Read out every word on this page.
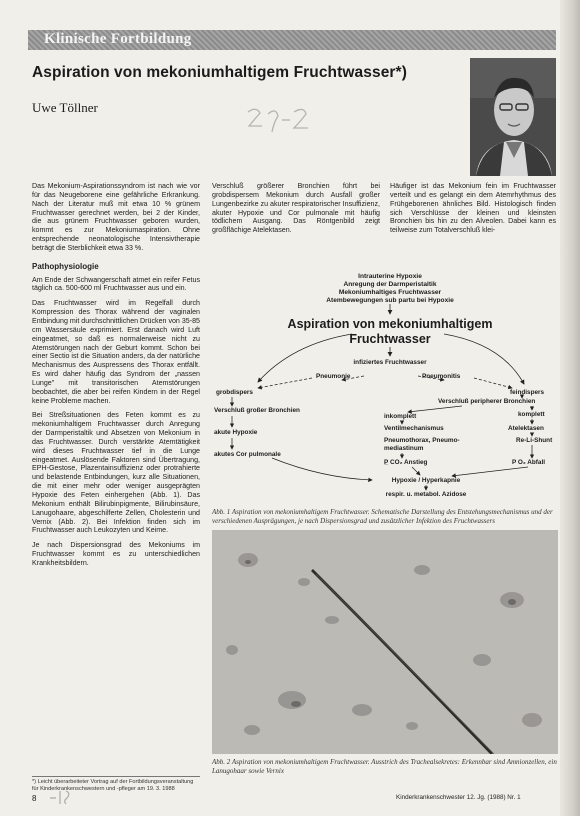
Klinische Fortbildung
Aspiration von mekoniumhaltigem Fruchtwasser*)
Uwe Töllner

Das Mekonium-Aspirationssyndrom ist nach wie vor für das Neugeborene eine gefährliche Erkrankung. Nach der Literatur muß mit etwa 10 % grünem Fruchtwasser gerechnet werden, bei 2 der Kinder, die aus grünem Fruchtwasser geboren wurden, kommt es zur Mekoniumaspiration. Ohne entsprechende neonatologische Intensivtherapie beträgt die Sterblichkeit etwa 33 %.

Pathophysiologie

Am Ende der Schwangerschaft atmet ein reifer Fetus täglich ca. 500-600 ml Fruchtwasser aus und ein.

Das Fruchtwasser wird im Regelfall durch Kompression des Thorax während der vaginalen Entbindung mit durchschnittlichen Drücken von 35-85 cm Wassersäule exprimiert. Erst danach wird Luft eingeatmet, so daß es normalerweise nicht zu Atemstörungen nach der Geburt kommt. Schon bei einer Sectio ist die Situation anders, da der natürliche Mechanismus des Auspressens des Thorax entfällt. Es wird daher häufig das Syndrom der „nassen Lunge" mit transitorischen Atemstörungen beobachtet, die aber bei reifen Kindern in der Regel keine Probleme machen.

Bei Streßsituationen des Feten kommt es zu mekoniumhaltigem Fruchtwasser durch Anregung der Darmperistaltik und Absetzen von Mekonium in das Fruchtwasser. Durch verstärkte Atemtätigkeit wird dieses Fruchtwasser tief in die Lunge eingeatmet. Auslösende Faktoren sind Übertragung, EPH-Gestose, Plazentainsuffizienz oder protrahierte und belastende Entbindungen, kurz alle Situationen, die mit einer mehr oder weniger ausgeprägten Hypoxie des Feten einhergehen (Abb. 1). Das Mekonium enthält Bilirubinpigmente, Bilirubinsäure, Lanugohaare, abgeschilferte Zellen, Cholesterin und Vernix (Abb. 2). Bei Infektion finden sich im Fruchtwasser auch Leukozyten und Keime.

Je nach Dispersionsgrad des Mekoniums im Fruchtwasser kommt es zu unterschiedlichen Krankheitsbildern.

Verschluß größerer Bronchien führt bei grobdispersem Mekonium durch Ausfall großer Lungenbezirke zu akuter respiratorischer Insuffizienz, akuter Hypoxie und Cor pulmonale mit häufig tödlichem Ausgang. Das Röntgenbild zeigt großflächige Atelektasen.

Häufiger ist das Mekonium fein im Fruchtwasser verteilt und es gelangt ein dem Atemrhythmus des Frühgeborenen ähnliches Bild. Histologisch finden sich Verschlüsse der kleinen und kleinsten Bronchien bis hin zu den Alveolen. Dabei kann es teilweise zum Totalverschluß klei-

Intrauterine Hypoxie
Anregung der Darmperistaltik
Mekoniumhaltiges Fruchtwasser
Atembewegungen sub partu bei Hypoxie
Aspiration von mekoniumhaltigem
Fruchtwasser
infiziertes Fruchtwasser
Pneumonie	Pneumonitis
grobdispers	feindispers
Verschluß großer Bronchien
Verschluß peripherer Bronchien
akute Hypoxie
akutes Cor pulmonale
inkomplett	komplett
Ventilmechanismus	Atelektasen
Pneumothorax, Pneumo-
mediastinum
Re-Li-Shunt
P̲ CO₂ Anstieg	P O₂ Abfall
Hypoxie / Hyperkapnie
respir. u. metabol. Azidose
Abb. 1 Aspiration von mekoniumhaltigem Fruchtwasser. Schematische Darstellung des Entstehungsmechanismus und der verschiedenen Ausprägungen, je nach Dispersionsgrad und zusätzlicher Infektion des Fruchtwassers
Abb. 2 Aspiration von mekoniumhaltigem Fruchtwasser. Ausstrich des Trachealsekretes: Erkennbar sind Amnionzellen, ein Lanugohaar sowie Vernix
*) Leicht überarbeiteter Vortrag auf der Fortbildungsveranstaltung für Kinderkrankenschwestern und -pfleger am 19. 3. 1988
8	Kinderkrankenschwester 12. Jg. (1988) Nr. 1
